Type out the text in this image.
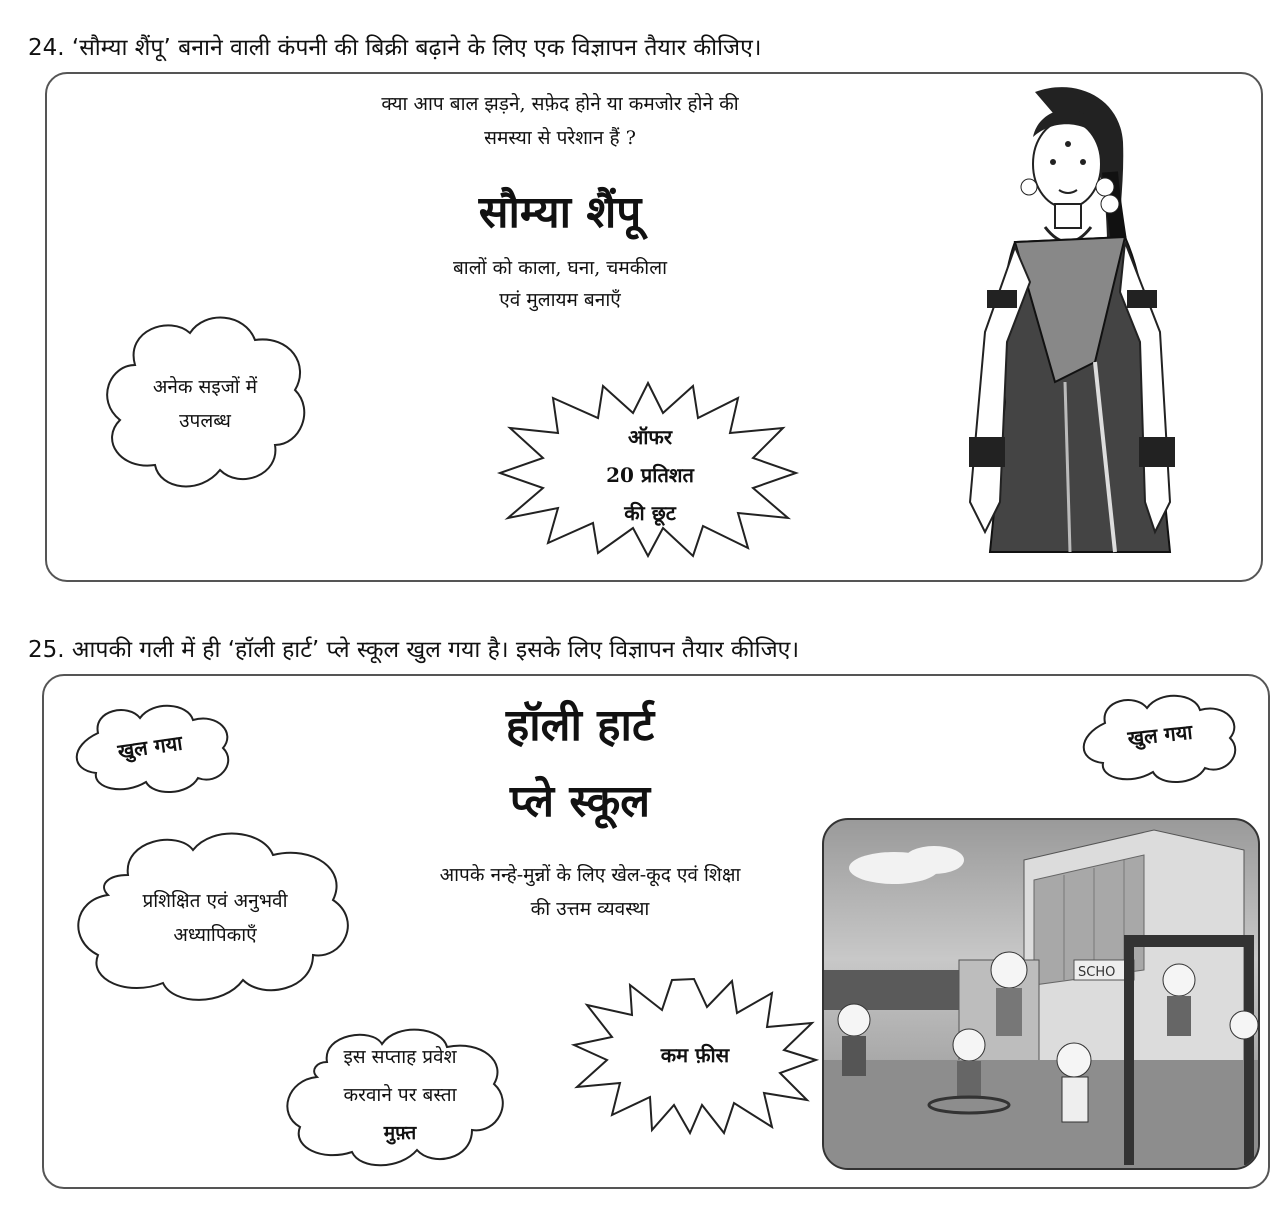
24. ‘सौम्या शैंपू’ बनाने वाली कंपनी की बिक्री बढ़ाने के लिए एक विज्ञापन तैयार कीजिए।
क्या आप बाल झड़ने, सफ़ेद होने या कमजोर होने की
समस्या से परेशान हैं ?
सौम्या शैंपू
बालों को काला, घना, चमकीला
एवं मुलायम बनाएँ
अनेक सइजों में
उपलब्ध
ऑफर
20 प्रतिशत
की छूट
25. आपकी गली में ही ‘हॉली हार्ट’ प्ले स्कूल खुल गया है। इसके लिए विज्ञापन तैयार कीजिए।
हॉली हार्ट
प्ले स्कूल
खुल गया	खुल गया
आपके नन्हे-मुन्नों के लिए खेल-कूद एवं शिक्षा
की उत्तम व्यवस्था
प्रशिक्षित एवं अनुभवी
अध्यापिकाएँ
कम फ़ीस
इस सप्ताह प्रवेश
करवाने पर बस्ता
मुफ़्त
SCHO
